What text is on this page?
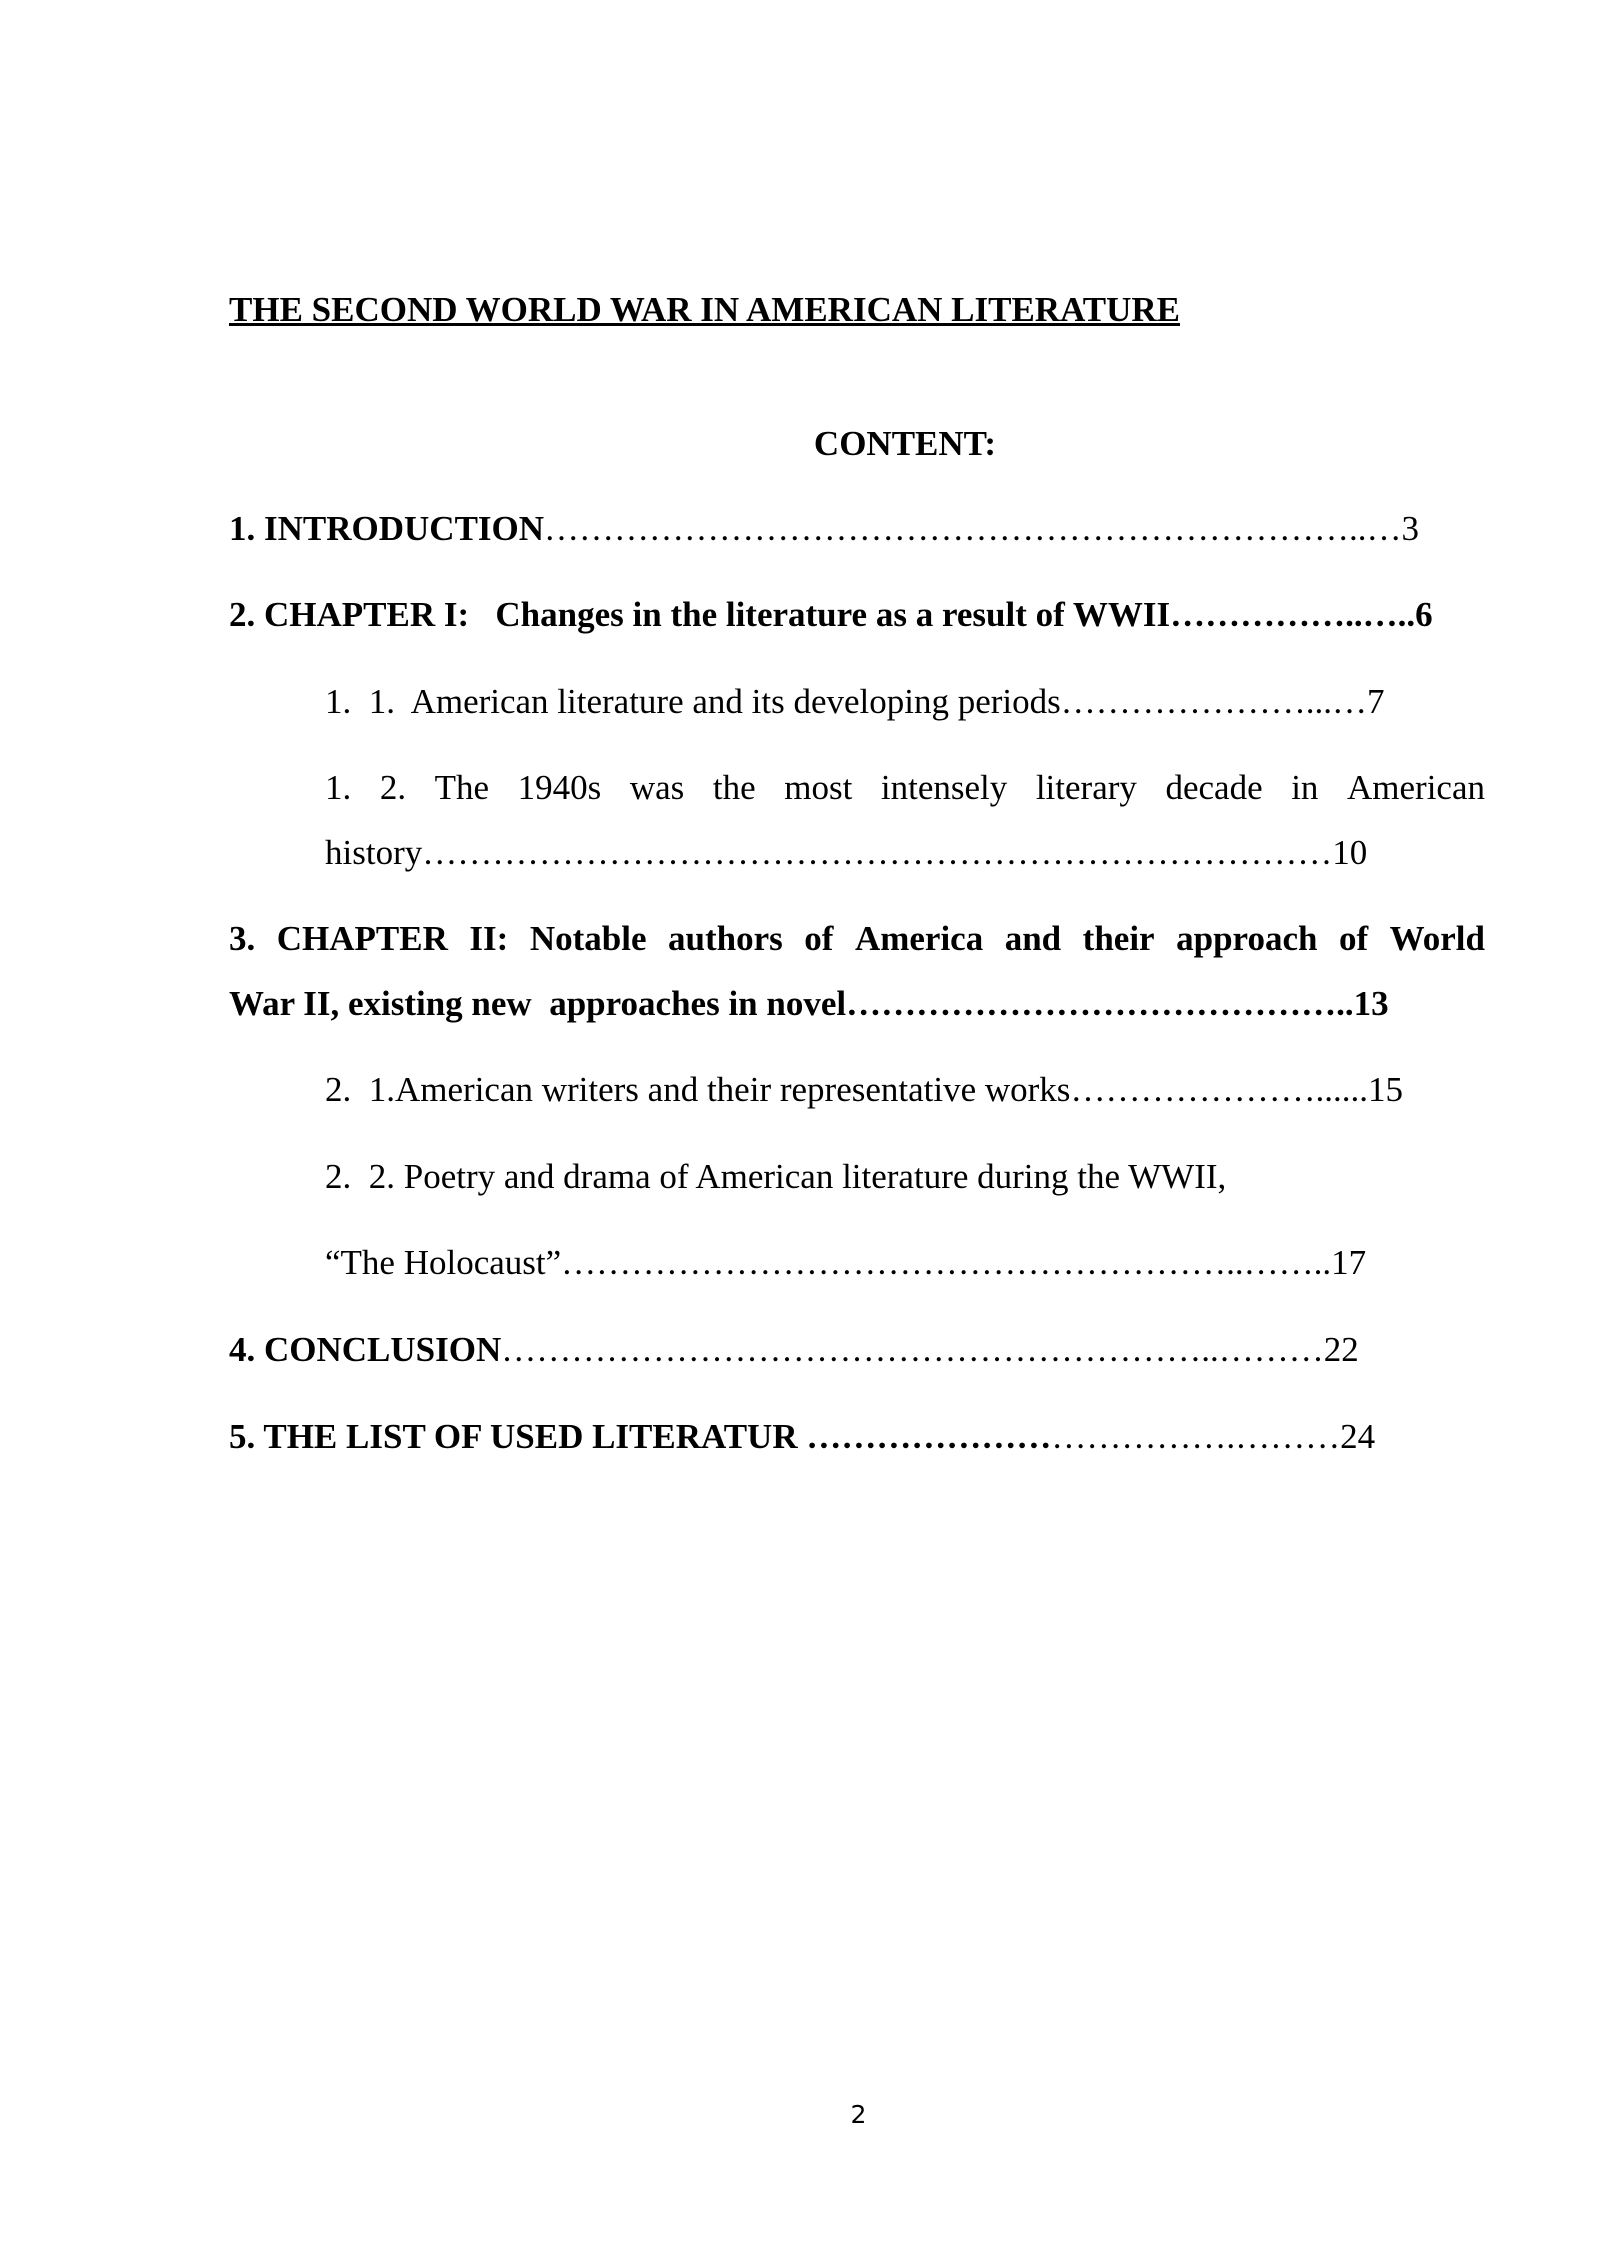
THE SECOND WORLD WAR IN AMERICAN LITERATURE
CONTENT:
1. INTRODUCTION……………………………………………………………..…3
2. CHAPTER I:   Changes in the literature as a result of WWII……………..…..6
1.  1.  American literature and its developing periods…………………...…7
1. 2. The 1940s was the most intensely literary decade in American
history……………………………………………………………………10
3. CHAPTER II: Notable authors of America and their approach of World
War II, existing new  approaches in novel……………………………………..13
2.  1.American writers and their representative works…………………......15
2.  2. Poetry and drama of American literature during the WWII,
“The Holocaust”…………………………………………………..……..17
4. CONCLUSION……………………………………………………..………22
5. THE LIST OF USED LITERATUR ……………………………….………24
2
